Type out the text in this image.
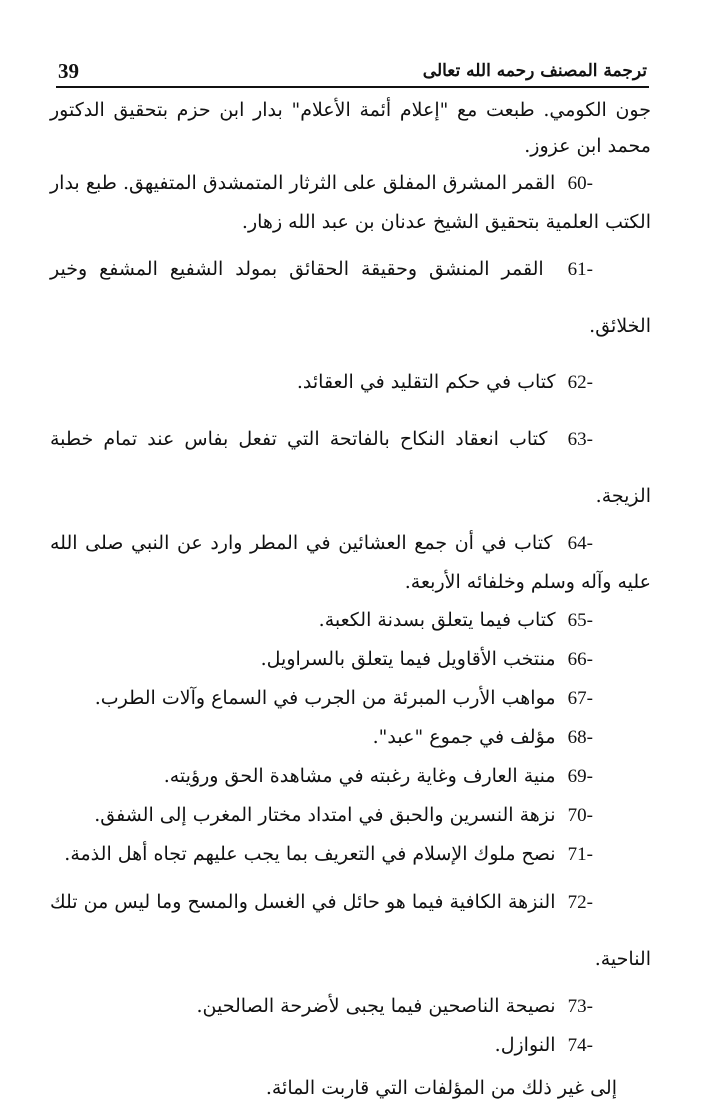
39	ترجمة المصنف رحمه الله تعالى

جون الكومي. طبعت مع "إعلام أئمة الأعلام" بدار ابن حزم بتحقيق الدكتور محمد ابن عزوز.

60-  القمر المشرق المفلق على الثرثار المتمشدق المتفيهق. طبع بدار الكتب العلمية بتحقيق الشيخ عدنان بن عبد الله زهار.

61-  القمر المنشق وحقيقة الحقائق بمولد الشفيع المشفع وخير الخلائق.

62-  كتاب في حكم التقليد في العقائد.

63-  كتاب انعقاد النكاح بالفاتحة التي تفعل بفاس عند تمام خطبة الزيجة.

64-  كتاب في أن جمع العشائين في المطر وارد عن النبي صلى الله عليه وآله وسلم وخلفائه الأربعة.

65-  كتاب فيما يتعلق بسدنة الكعبة.

66-  منتخب الأقاويل فيما يتعلق بالسراويل.

67-  مواهب الأرب المبرئة من الجرب في السماع وآلات الطرب.

68-  مؤلف في جموع "عبد".

69-  منية العارف وغاية رغبته في مشاهدة الحق ورؤيته.

70-  نزهة النسرين والحبق في امتداد مختار المغرب إلى الشفق.

71-  نصح ملوك الإسلام في التعريف بما يجب عليهم تجاه أهل الذمة.

72-  النزهة الكافية فيما هو حائل في الغسل والمسح وما ليس من تلك الناحية.

73-  نصيحة الناصحين فيما يجبى لأضرحة الصالحين.

74-  النوازل.

إلى غير ذلك من المؤلفات التي قاربت المائة.
